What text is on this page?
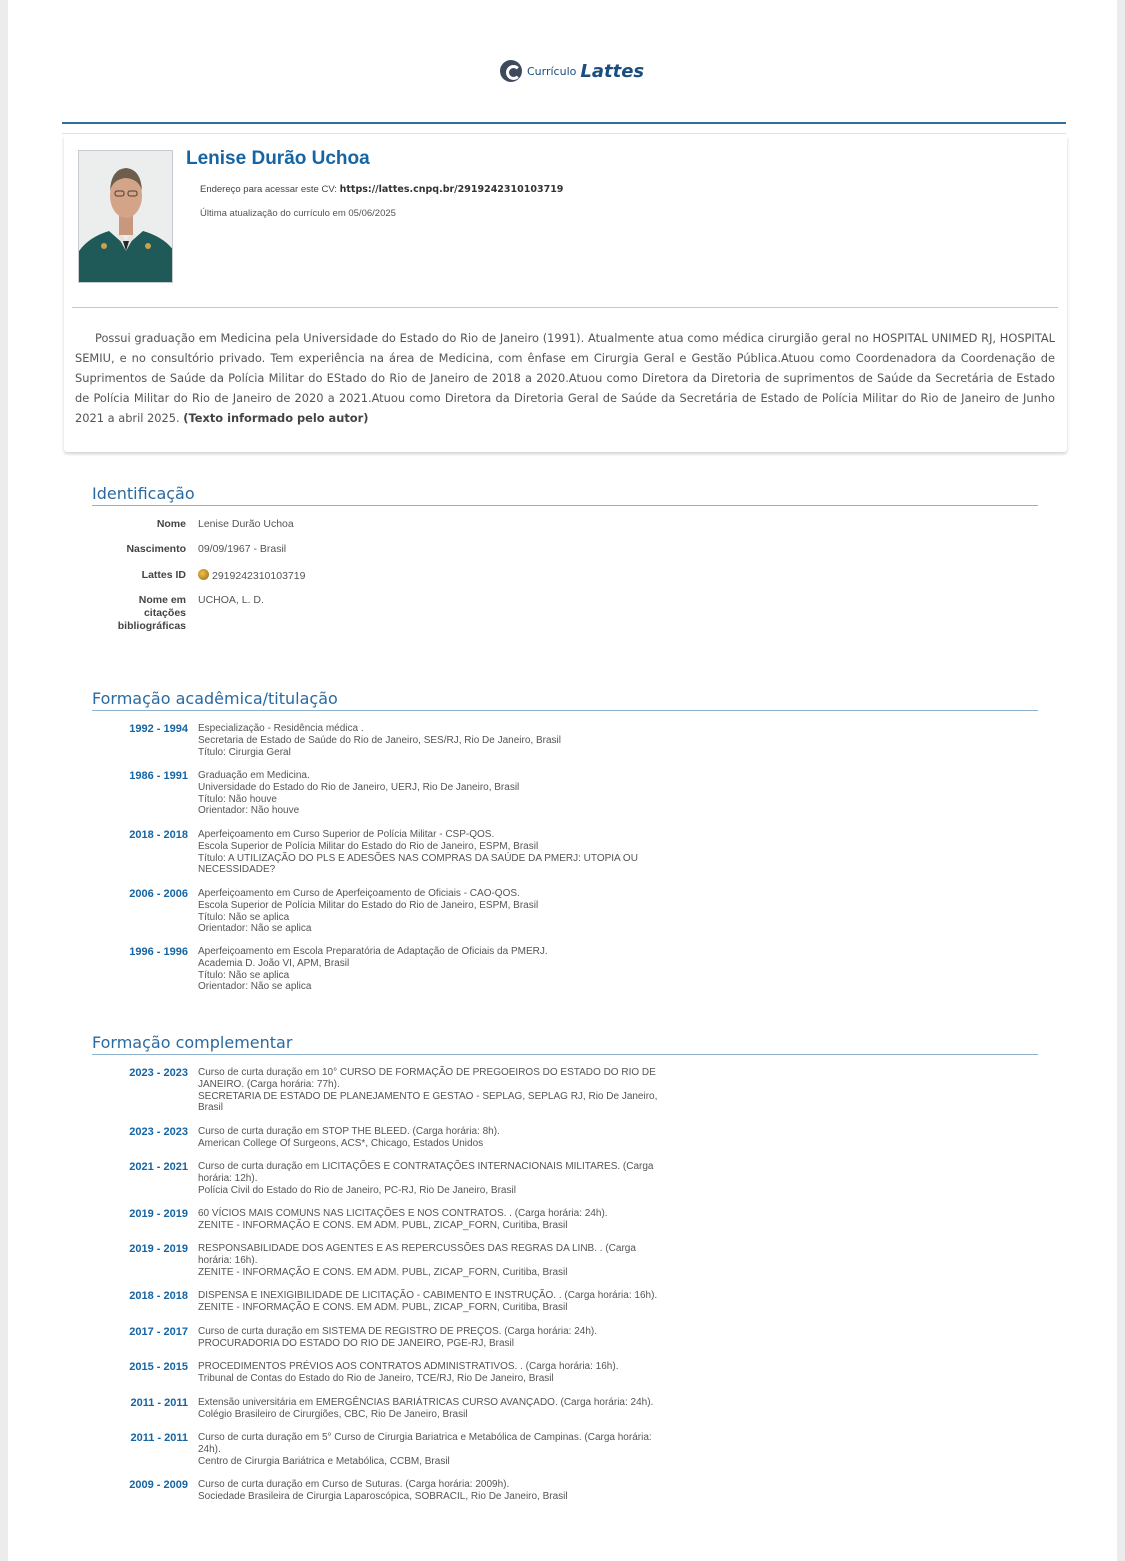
Currículo Lattes
Lenise Durão Uchoa
Endereço para acessar este CV: https://lattes.cnpq.br/2919242310103719
Última atualização do currículo em 05/06/2025
Possui graduação em Medicina pela Universidade do Estado do Rio de Janeiro (1991). Atualmente atua como médica cirurgião geral no HOSPITAL UNIMED RJ, HOSPITAL SEMIU, e no consultório privado. Tem experiência na área de Medicina, com ênfase em Cirurgia Geral e Gestão Pública.Atuou como Coordenadora da Coordenação de Suprimentos de Saúde da Polícia Militar do EStado do Rio de Janeiro de 2018 a 2020.Atuou como Diretora da Diretoria de suprimentos de Saúde da Secretária de Estado de Polícia Militar do Rio de Janeiro de 2020 a 2021.Atuou como Diretora da Diretoria Geral de Saúde da Secretária de Estado de Polícia Militar do Rio de Janeiro de Junho 2021 a abril 2025. (Texto informado pelo autor)
Identificação
Nome Lenise Durão Uchoa
Nascimento 09/09/1967 - Brasil
Lattes ID	2919242310103719
Nome em citações bibliográficas
UCHOA, L. D.
Formação acadêmica/titulação
1992 - 1994 Especialização - Residência médica .
Secretaria de Estado de Saúde do Rio de Janeiro, SES/RJ, Rio De Janeiro, Brasil
Título: Cirurgia Geral
1986 - 1991 Graduação em Medicina.
Universidade do Estado do Rio de Janeiro, UERJ, Rio De Janeiro, Brasil
Título: Não houve
Orientador: Não houve
2018 - 2018 Aperfeiçoamento em Curso Superior de Polícia Militar - CSP-QOS.
Escola Superior de Polícia Militar do Estado do Rio de Janeiro, ESPM, Brasil
Título: A UTILIZAÇÃO DO PLS E ADESÕES NAS COMPRAS DA SAÚDE DA PMERJ: UTOPIA OU
NECESSIDADE?
2006 - 2006 Aperfeiçoamento em Curso de Aperfeiçoamento de Oficiais - CAO-QOS.
Escola Superior de Polícia Militar do Estado do Rio de Janeiro, ESPM, Brasil
Título: Não se aplica
Orientador: Não se aplica
1996 - 1996 Aperfeiçoamento em Escola Preparatória de Adaptação de Oficiais da PMERJ.
Academia D. João VI, APM, Brasil
Título: Não se aplica
Orientador: Não se aplica
Formação complementar
2023 - 2023 Curso de curta duração em 10° CURSO DE FORMAÇÃO DE PREGOEIROS DO ESTADO DO RIO DE
JANEIRO. (Carga horária: 77h).
SECRETARIA DE ESTADO DE PLANEJAMENTO E GESTAO - SEPLAG, SEPLAG RJ, Rio De Janeiro,
Brasil
2023 - 2023 Curso de curta duração em STOP THE BLEED. (Carga horária: 8h).
American College Of Surgeons, ACS*, Chicago, Estados Unidos
2021 - 2021 Curso de curta duração em LICITAÇÕES E CONTRATAÇÕES INTERNACIONAIS MILITARES. (Carga
horária: 12h).
Polícia Civil do Estado do Rio de Janeiro, PC-RJ, Rio De Janeiro, Brasil
2019 - 2019 60 VÍCIOS MAIS COMUNS NAS LICITAÇÕES E NOS CONTRATOS. . (Carga horária: 24h).
ZENITE - INFORMAÇÃO E CONS. EM ADM. PUBL, ZICAP_FORN, Curitiba, Brasil
2019 - 2019 RESPONSABILIDADE DOS AGENTES E AS REPERCUSSÕES DAS REGRAS DA LINB. . (Carga
horária: 16h).
ZENITE - INFORMAÇÃO E CONS. EM ADM. PUBL, ZICAP_FORN, Curitiba, Brasil
2018 - 2018 DISPENSA E INEXIGIBILIDADE DE LICITAÇÃO - CABIMENTO E INSTRUÇÃO. . (Carga horária: 16h).
ZENITE - INFORMAÇÃO E CONS. EM ADM. PUBL, ZICAP_FORN, Curitiba, Brasil
2017 - 2017 Curso de curta duração em SISTEMA DE REGISTRO DE PREÇOS. (Carga horária: 24h).
PROCURADORIA DO ESTADO DO RIO DE JANEIRO, PGE-RJ, Brasil
2015 - 2015 PROCEDIMENTOS PRÉVIOS AOS CONTRATOS ADMINISTRATIVOS. . (Carga horária: 16h).
Tribunal de Contas do Estado do Rio de Janeiro, TCE/RJ, Rio De Janeiro, Brasil
2011 - 2011 Extensão universitária em EMERGÊNCIAS BARIÁTRICAS CURSO AVANÇADO. (Carga horária: 24h).
Colégio Brasileiro de Cirurgiões, CBC, Rio De Janeiro, Brasil
2011 - 2011 Curso de curta duração em 5° Curso de Cirurgia Bariatrica e Metabólica de Campinas. (Carga horária:
24h).
Centro de Cirurgia Bariátrica e Metabólica, CCBM, Brasil
2009 - 2009 Curso de curta duração em Curso de Suturas. (Carga horária: 2009h).
Sociedade Brasileira de Cirurgia Laparoscópica, SOBRACIL, Rio De Janeiro, Brasil
